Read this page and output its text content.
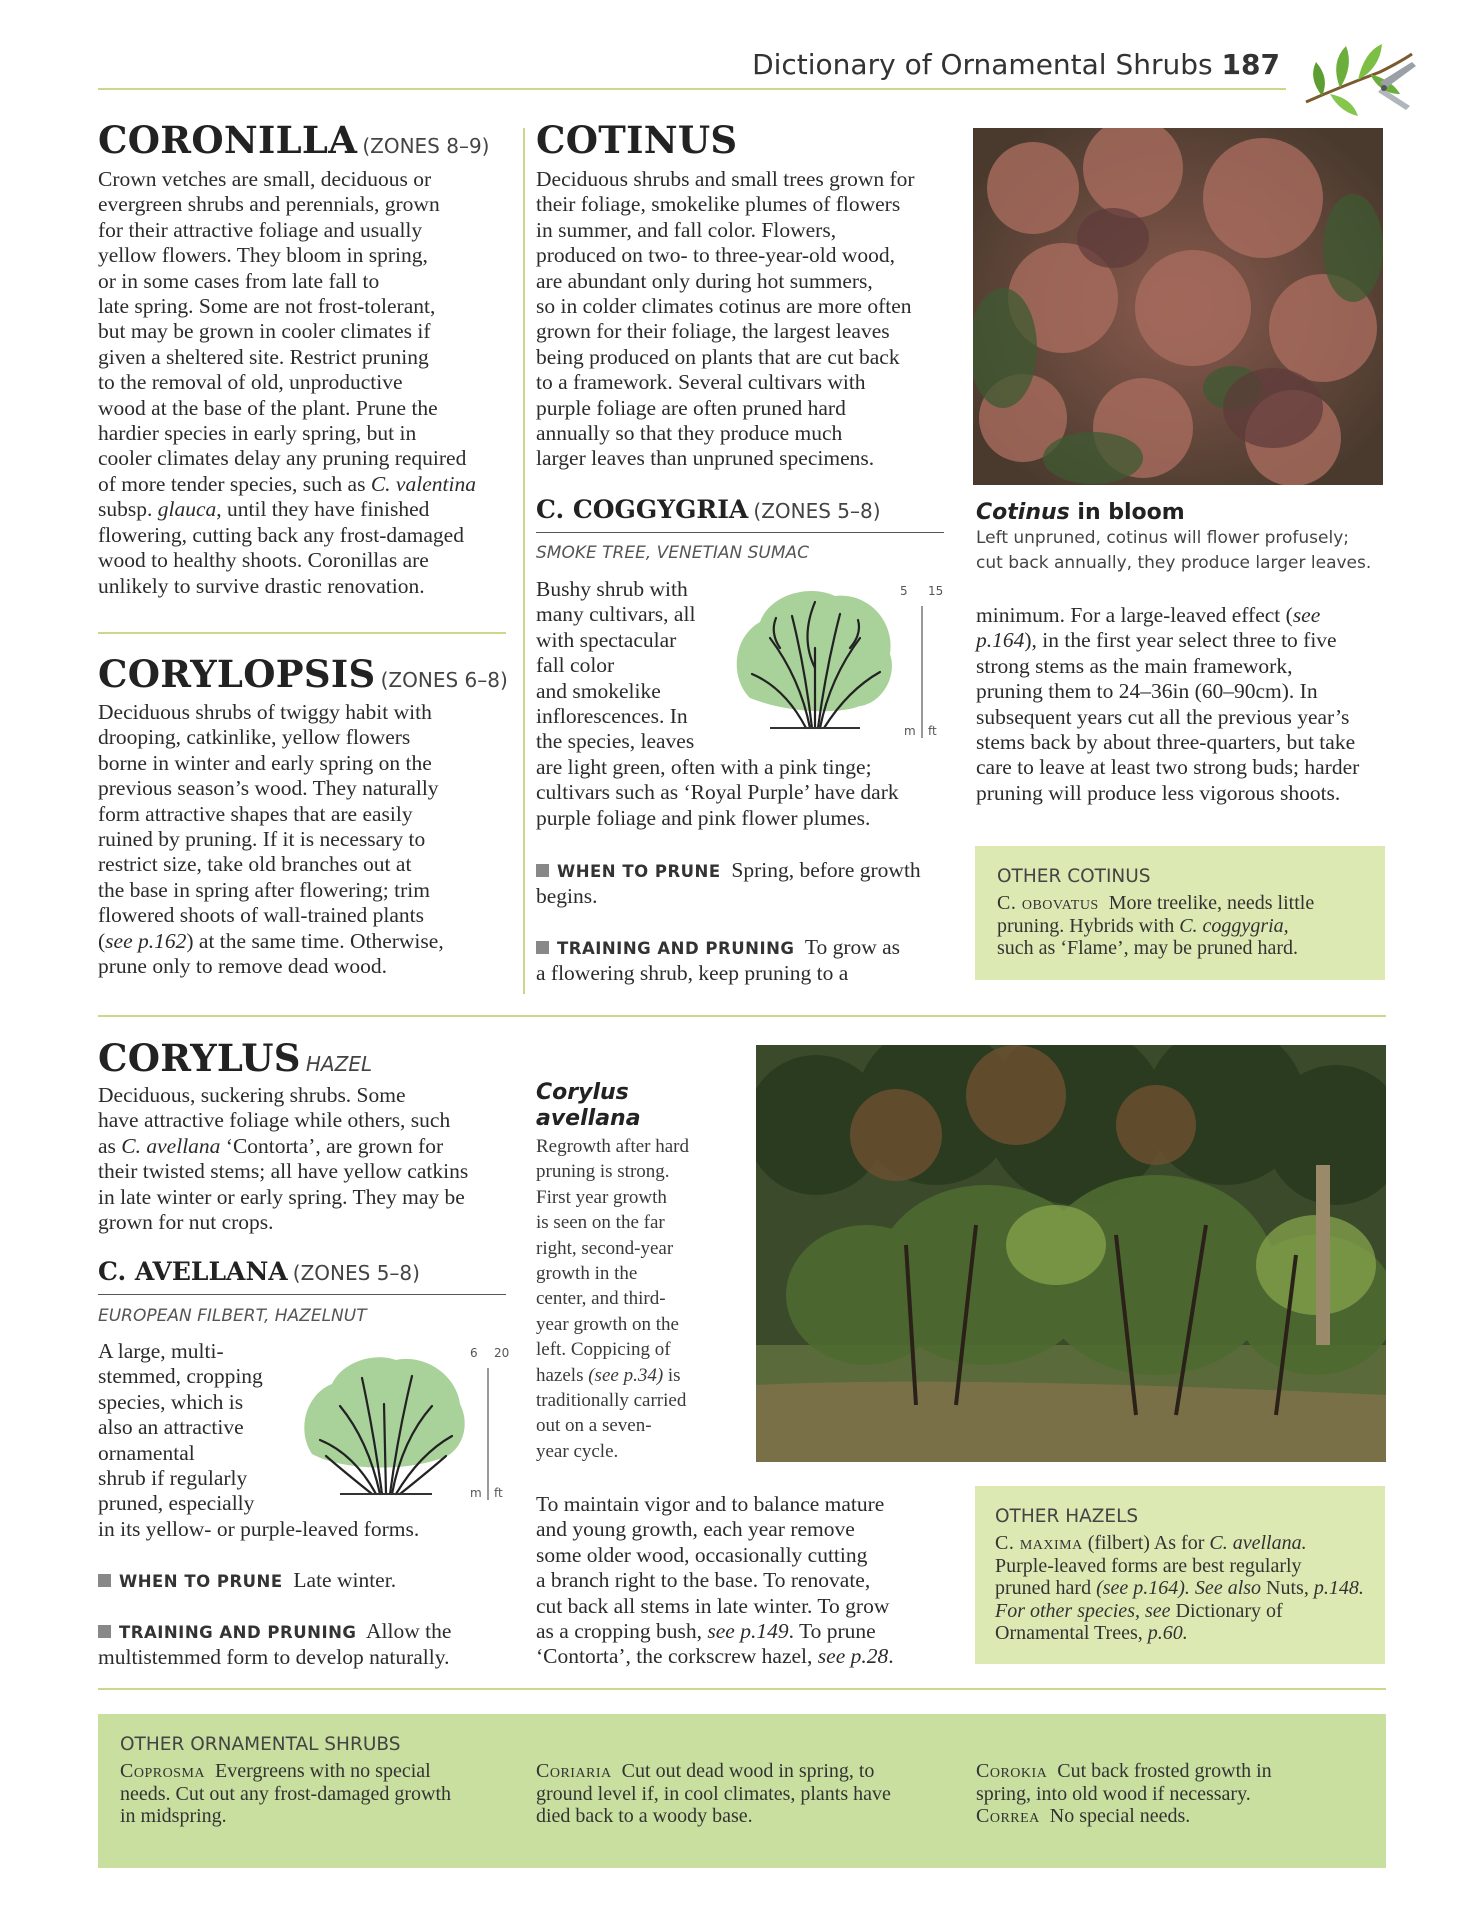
Dictionary of Ornamental Shrubs 187
CORONILLA (ZONES 8–9)
Crown vetches are small, deciduous or
evergreen shrubs and perennials, grown
for their attractive foliage and usually
yellow flowers. They bloom in spring,
or in some cases from late fall to
late spring. Some are not frost-tolerant,
but may be grown in cooler climates if
given a sheltered site. Restrict pruning
to the removal of old, unproductive
wood at the base of the plant. Prune the
hardier species in early spring, but in
cooler climates delay any pruning required
of more tender species, such as C. valentina
subsp. glauca, until they have finished
flowering, cutting back any frost-damaged
wood to healthy shoots. Coronillas are
unlikely to survive drastic renovation.
CORYLOPSIS (ZONES 6–8)
Deciduous shrubs of twiggy habit with
drooping, catkinlike, yellow flowers
borne in winter and early spring on the
previous season’s wood. They naturally
form attractive shapes that are easily
ruined by pruning. If it is necessary to
restrict size, take old branches out at
the base in spring after flowering; trim
flowered shoots of wall-trained plants
(see p.162) at the same time. Otherwise,
prune only to remove dead wood.
COTINUS
Deciduous shrubs and small trees grown for
their foliage, smokelike plumes of flowers
in summer, and fall color. Flowers,
produced on two- to three-year-old wood,
are abundant only during hot summers,
so in colder climates cotinus are more often
grown for their foliage, the largest leaves
being produced on plants that are cut back
to a framework. Several cultivars with
purple foliage are often pruned hard
annually so that they produce much
larger leaves than unpruned specimens.
C. COGGYGRIA (ZONES 5–8)
SMOKE TREE, VENETIAN SUMAC
Bushy shrub with
many cultivars, all
with spectacular
fall color
and smokelike
inflorescences. In
the species, leaves
are light green, often with a pink tinge;
cultivars such as ‘Royal Purple’ have dark
purple foliage and pink flower plumes.
5 15
m ft
WHEN TO PRUNE Spring, before growth
begins.
TRAINING AND PRUNING To grow as
a flowering shrub, keep pruning to a
Cotinus in bloom
Left unpruned, cotinus will flower profusely;
cut back annually, they produce larger leaves.
minimum. For a large-leaved effect (see
p.164), in the first year select three to five
strong stems as the main framework,
pruning them to 24–36in (60–90cm). In
subsequent years cut all the previous year’s
stems back by about three-quarters, but take
care to leave at least two strong buds; harder
pruning will produce less vigorous shoots.
OTHER COTINUS
C. obovatus More treelike, needs little
pruning. Hybrids with C. coggygria,
such as ‘Flame’, may be pruned hard.
CORYLUS HAZEL
Deciduous, suckering shrubs. Some
have attractive foliage while others, such
as C. avellana ‘Contorta’, are grown for
their twisted stems; all have yellow catkins
in late winter or early spring. They may be
grown for nut crops.
C. AVELLANA (ZONES 5–8)
EUROPEAN FILBERT, HAZELNUT
A large, multi-
stemmed, cropping
species, which is
also an attractive
ornamental
shrub if regularly
pruned, especially
in its yellow- or purple-leaved forms.
6 20
m ft
WHEN TO PRUNE Late winter.
TRAINING AND PRUNING Allow the
multistemmed form to develop naturally.
Corylus
avellana
Regrowth after hard
pruning is strong.
First year growth
is seen on the far
right, second-year
growth in the
center, and third-
year growth on the
left. Coppicing of
hazels (see p.34) is
traditionally carried
out on a seven-
year cycle.
To maintain vigor and to balance mature
and young growth, each year remove
some older wood, occasionally cutting
a branch right to the base. To renovate,
cut back all stems in late winter. To grow
as a cropping bush, see p.149. To prune
‘Contorta’, the corkscrew hazel, see p.28.
OTHER HAZELS
C. maxima (filbert) As for C. avellana.
Purple-leaved forms are best regularly
pruned hard (see p.164). See also Nuts, p.148.
For other species, see Dictionary of
Ornamental Trees, p.60.
OTHER ORNAMENTAL SHRUBS
Coprosma Evergreens with no special
needs. Cut out any frost-damaged growth
in midspring.
Coriaria Cut out dead wood in spring, to
ground level if, in cool climates, plants have
died back to a woody base.
Corokia Cut back frosted growth in
spring, into old wood if necessary.
Correa No special needs.
